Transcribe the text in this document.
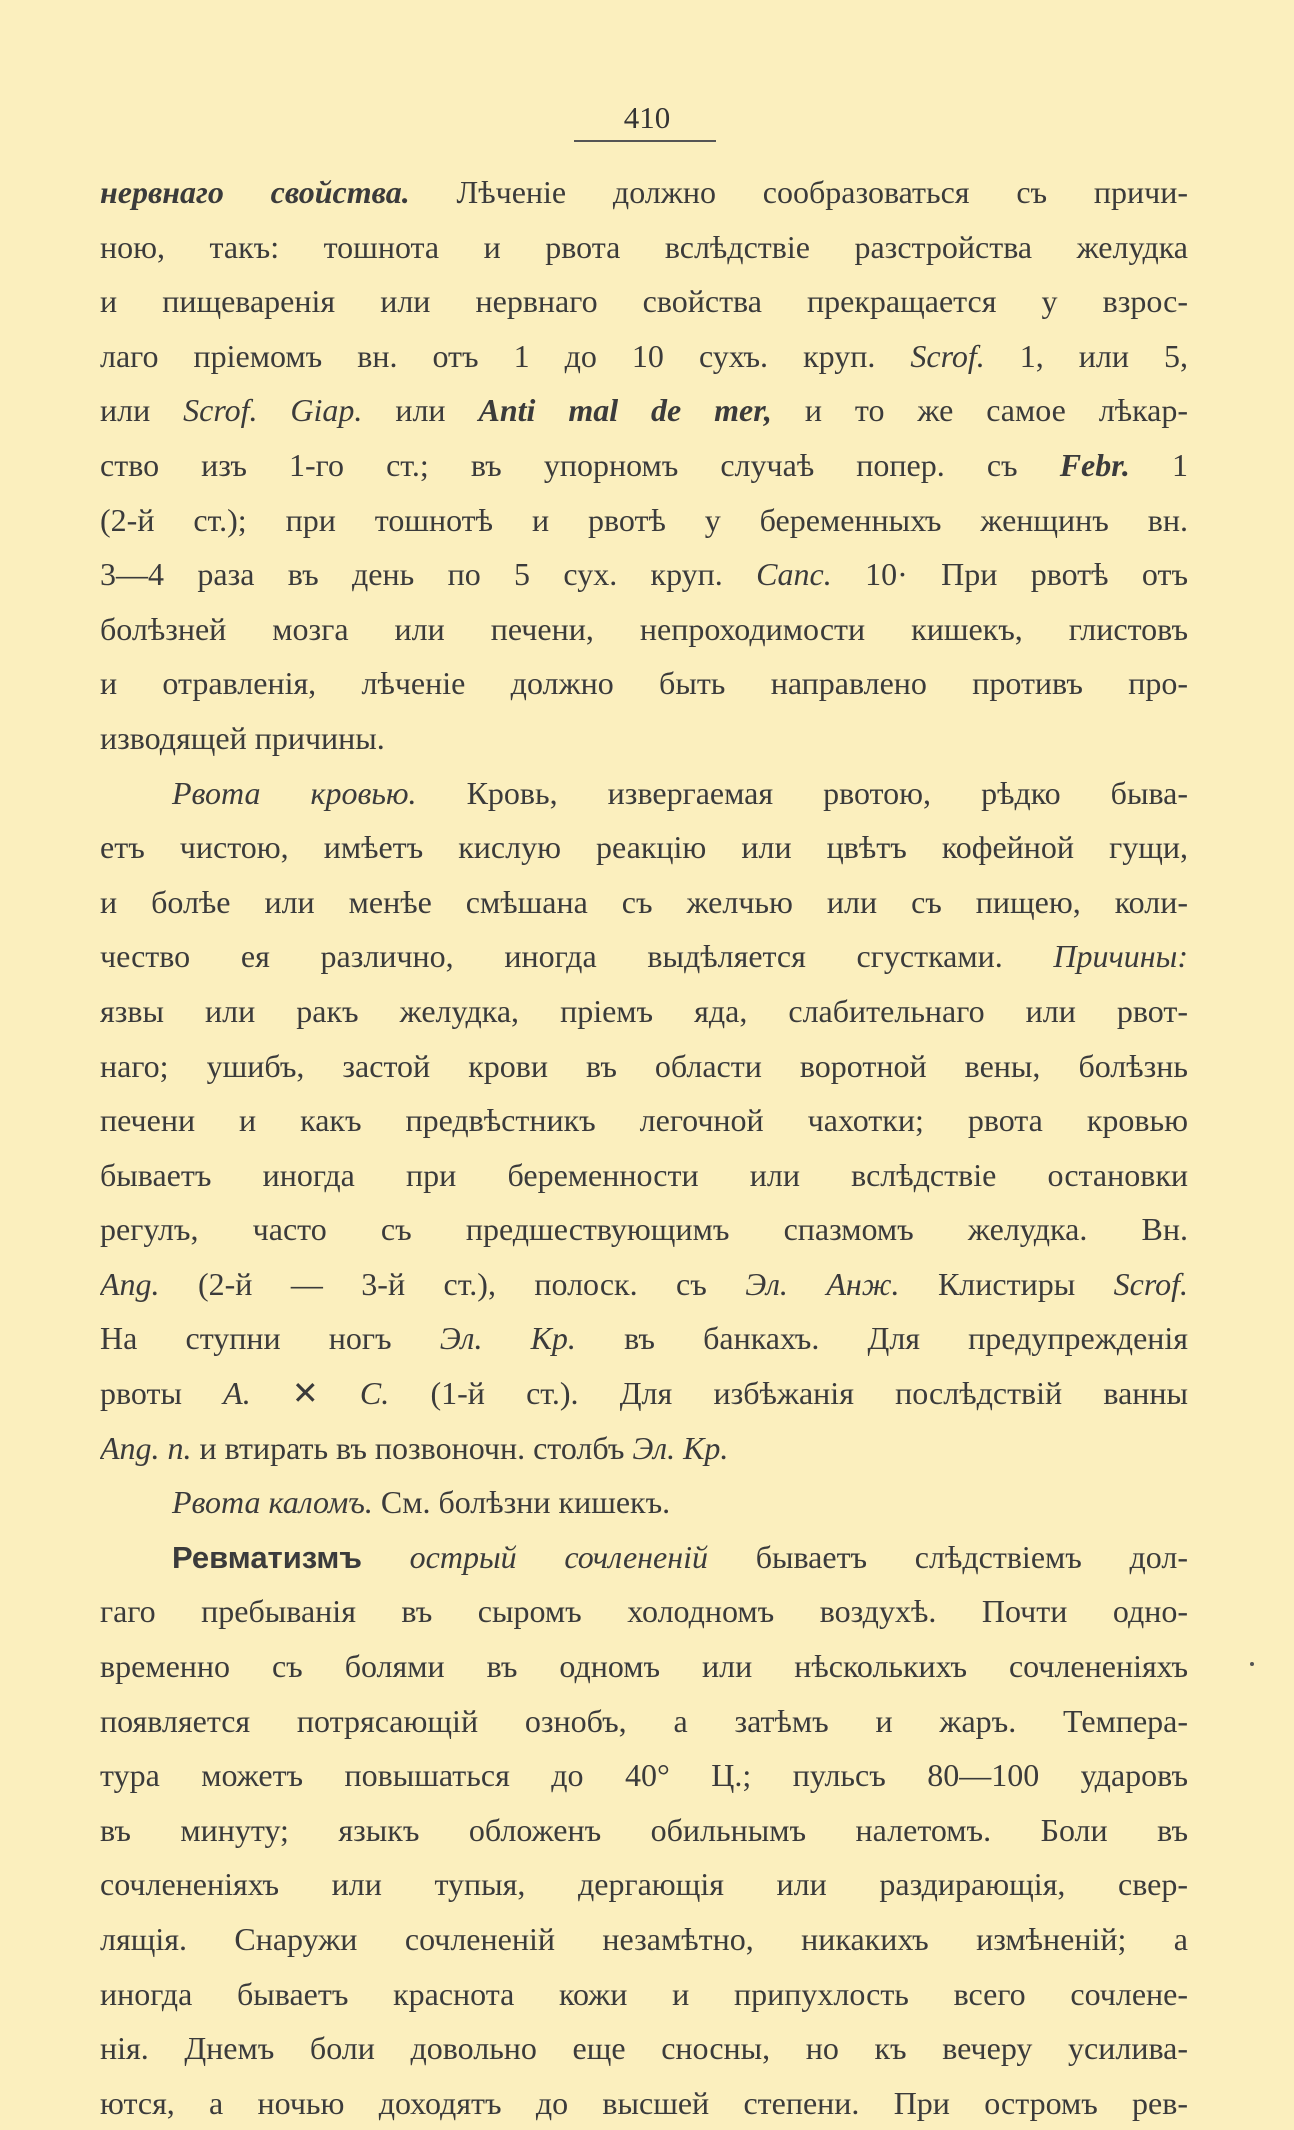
410
нервнаго свойства. Лѣченіе должно сообразоваться съ причи-
ною, такъ: тошнота и рвота вслѣдствіе разстройства желудка
и пищеваренія или нервнаго свойства прекращается у взрос-
лаго пріемомъ вн. отъ 1 до 10 сухъ. круп. Scrof. 1, или 5,
или Scrof. Giap. или Anti mal de mer, и то же самое лѣкар-
ство изъ 1-го ст.; въ упорномъ случаѣ попер. съ Febr. 1
(2-й ст.); при тошнотѣ и рвотѣ у беременныхъ женщинъ вн.
3—4 раза въ день по 5 сух. круп. Canc. 10· При рвотѣ отъ
болѣзней мозга или печени, непроходимости кишекъ, глистовъ
и отравленія, лѣченіе должно быть направлено противъ про-
изводящей причины.
Рвота кровью. Кровь, извергаемая рвотою, рѣдко быва-
етъ чистою, имѣетъ кислую реакцію или цвѣтъ кофейной гущи,
и болѣе или менѣе смѣшана съ желчью или съ пищею, коли-
чество ея различно, иногда выдѣляется сгустками. Причины:
язвы или ракъ желудка, пріемъ яда, слабительнаго или рвот-
наго; ушибъ, застой крови въ области воротной вены, болѣзнь
печени и какъ предвѣстникъ легочной чахотки; рвота кровью
бываетъ иногда при беременности или вслѣдствіе остановки
регулъ, часто съ предшествующимъ спазмомъ желудка. Вн.
Ang. (2-й — 3-й ст.), полоск. съ Эл. Анж. Клистиры Scrof.
На ступни ногъ Эл. Кр. въ банкахъ. Для предупрежденія
рвоты A. ✕ C. (1-й ст.). Для избѣжанія послѣдствій ванны
Ang. n. и втирать въ позвоночн. столбъ Эл. Кр.
Рвота каломъ. См. болѣзни кишекъ.
Ревматизмъ острый сочлененій бываетъ слѣдствіемъ дол-
гаго пребыванія въ сыромъ холодномъ воздухѣ. Почти одно-
временно съ болями въ одномъ или нѣсколькихъ сочлененіяхъ
появляется потрясающій ознобъ, а затѣмъ и жаръ. Темпера-
тура можетъ повышаться до 40° Ц.; пульсъ 80—100 ударовъ
въ минуту; языкъ обложенъ обильнымъ налетомъ. Боли въ
сочлененіяхъ или тупыя, дергающія или раздирающія, свер-
лящія. Снаружи сочлененій незамѣтно, никакихъ измѣненій; а
иногда бываетъ краснота кожи и припухлость всего сочлене-
нія. Днемъ боли довольно еще сносны, но къ вечеру усилива-
ются, а ночью доходятъ до высшей степени. При остромъ рев-
